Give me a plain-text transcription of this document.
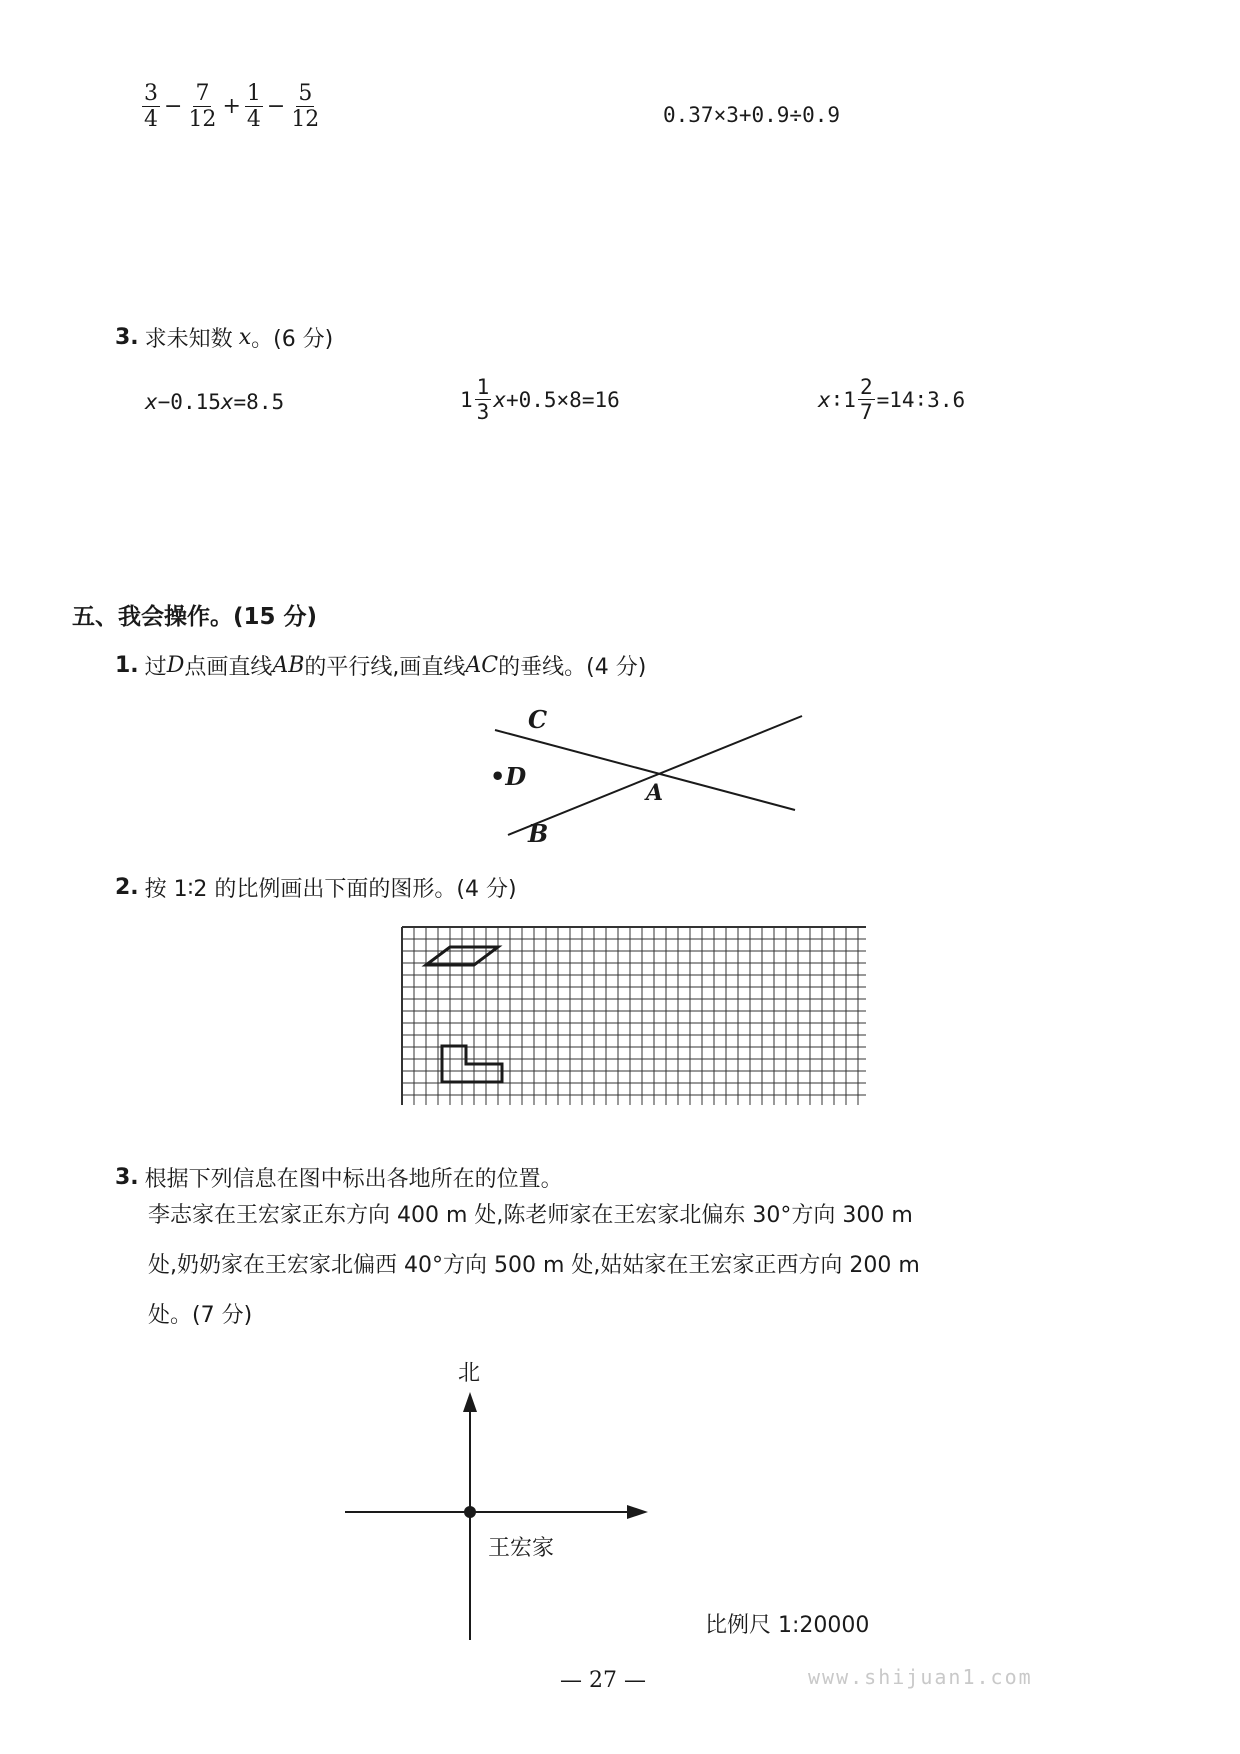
$\frac{3}{4} - \frac{7}{12} + \frac{1}{4} - \frac{5}{12}$	0.37×3+0.9÷0.9
3. 求未知数 x 。(6 分)
x −0.15 x =8.5	$1 \frac{1}{3}$ x +0.5×8=16	x ∶1 $\frac{2}{7}$ =14∶3.6
五、我会操作。(15 分)
1. 过 D 点画直线 AB 的平行线,画直线 AC 的垂线。(4 分)
C
•D
A
B
2. 按 1∶2 的比例画出下面的图形。(4 分)
3. 根据下列信息在图中标出各地所在的位置。
李志家在王宏家正东方向 400 m 处,陈老师家在王宏家北偏东 30°方向 300 m
处,奶奶家在王宏家北偏西 40°方向 500 m 处,姑姑家在王宏家正西方向 200 m
处。(7 分)
北
王宏家
比例尺 1:20000
— 27 —	www.shijuan1.com
